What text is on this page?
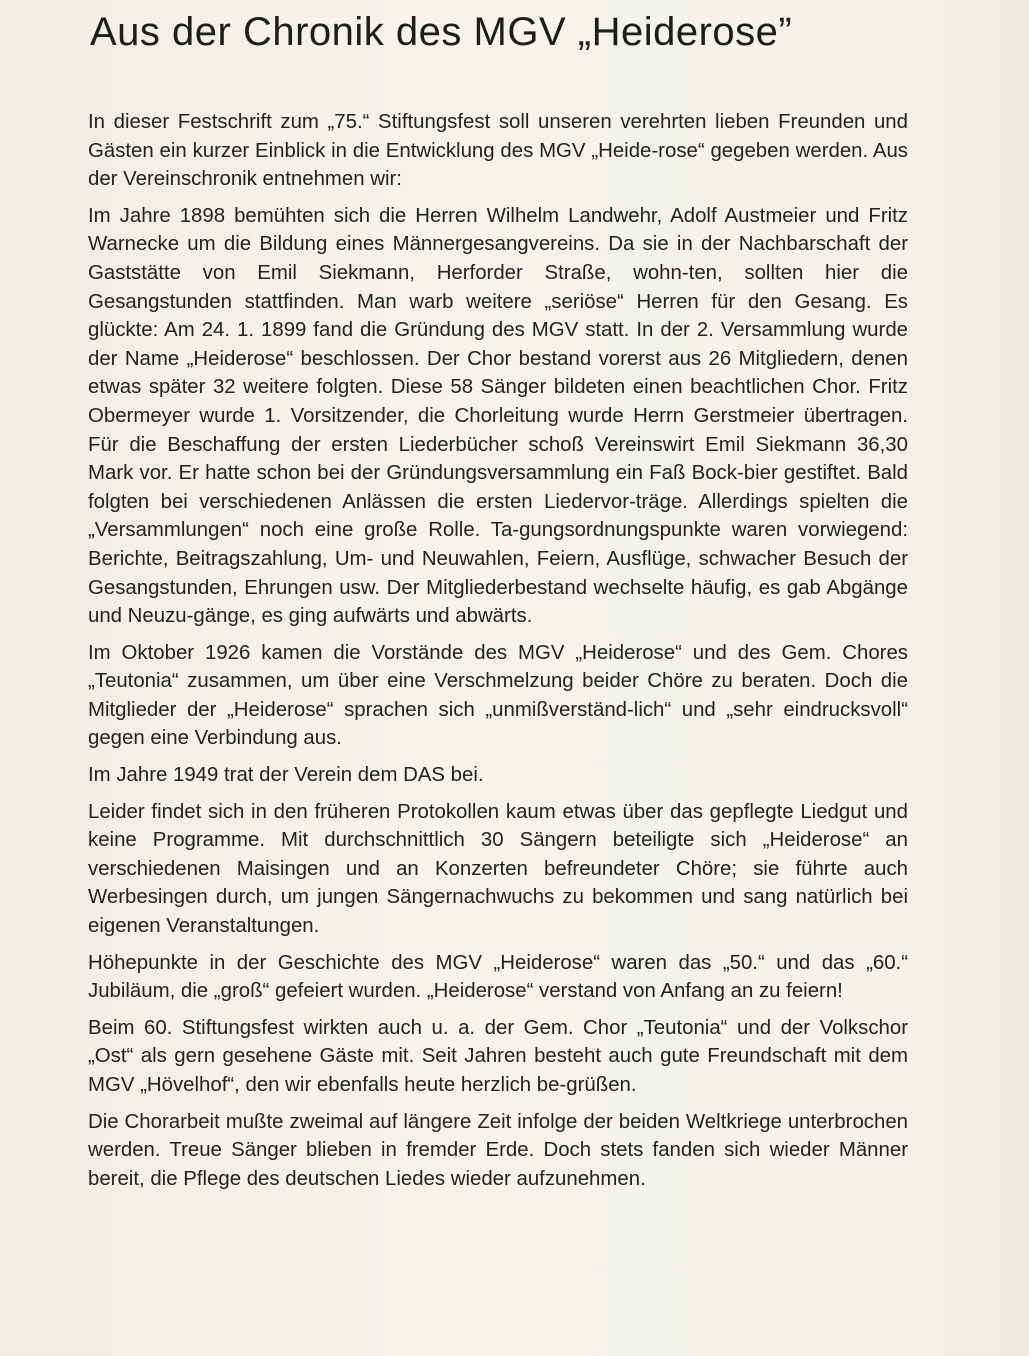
Aus der Chronik des MGV „Heiderose”

In dieser Festschrift zum „75.“ Stiftungsfest soll unseren verehrten lieben Freunden und Gästen ein kurzer Einblick in die Entwicklung des MGV „Heide-rose“ gegeben werden. Aus der Vereinschronik entnehmen wir:

Im Jahre 1898 bemühten sich die Herren Wilhelm Landwehr, Adolf Austmeier und Fritz Warnecke um die Bildung eines Männergesangvereins. Da sie in der Nachbarschaft der Gaststätte von Emil Siekmann, Herforder Straße, wohn-ten, sollten hier die Gesangstunden stattfinden. Man warb weitere „seriöse“ Herren für den Gesang. Es glückte: Am 24. 1. 1899 fand die Gründung des MGV statt. In der 2. Versammlung wurde der Name „Heiderose“ beschlossen. Der Chor bestand vorerst aus 26 Mitgliedern, denen etwas später 32 weitere folgten. Diese 58 Sänger bildeten einen beachtlichen Chor. Fritz Obermeyer wurde 1. Vorsitzender, die Chorleitung wurde Herrn Gerstmeier übertragen. Für die Beschaffung der ersten Liederbücher schoß Vereinswirt Emil Siekmann 36,30 Mark vor. Er hatte schon bei der Gründungsversammlung ein Faß Bock-bier gestiftet. Bald folgten bei verschiedenen Anlässen die ersten Liedervor-träge. Allerdings spielten die „Versammlungen“ noch eine große Rolle. Ta-gungsordnungspunkte waren vorwiegend: Berichte, Beitragszahlung, Um- und Neuwahlen, Feiern, Ausflüge, schwacher Besuch der Gesangstunden, Ehrungen usw. Der Mitgliederbestand wechselte häufig, es gab Abgänge und Neuzu-gänge, es ging aufwärts und abwärts.

Im Oktober 1926 kamen die Vorstände des MGV „Heiderose“ und des Gem. Chores „Teutonia“ zusammen, um über eine Verschmelzung beider Chöre zu beraten. Doch die Mitglieder der „Heiderose“ sprachen sich „unmißverständ-lich“ und „sehr eindrucksvoll“ gegen eine Verbindung aus.

Im Jahre 1949 trat der Verein dem DAS bei.

Leider findet sich in den früheren Protokollen kaum etwas über das gepflegte Liedgut und keine Programme. Mit durchschnittlich 30 Sängern beteiligte sich „Heiderose“ an verschiedenen Maisingen und an Konzerten befreundeter Chöre; sie führte auch Werbesingen durch, um jungen Sängernachwuchs zu bekommen und sang natürlich bei eigenen Veranstaltungen.

Höhepunkte in der Geschichte des MGV „Heiderose“ waren das „50.“ und das „60.“ Jubiläum, die „groß“ gefeiert wurden. „Heiderose“ verstand von Anfang an zu feiern!

Beim 60. Stiftungsfest wirkten auch u. a. der Gem. Chor „Teutonia“ und der Volkschor „Ost“ als gern gesehene Gäste mit. Seit Jahren besteht auch gute Freundschaft mit dem MGV „Hövelhof“, den wir ebenfalls heute herzlich be-grüßen.

Die Chorarbeit mußte zweimal auf längere Zeit infolge der beiden Weltkriege unterbrochen werden. Treue Sänger blieben in fremder Erde. Doch stets fanden sich wieder Männer bereit, die Pflege des deutschen Liedes wieder aufzunehmen.
